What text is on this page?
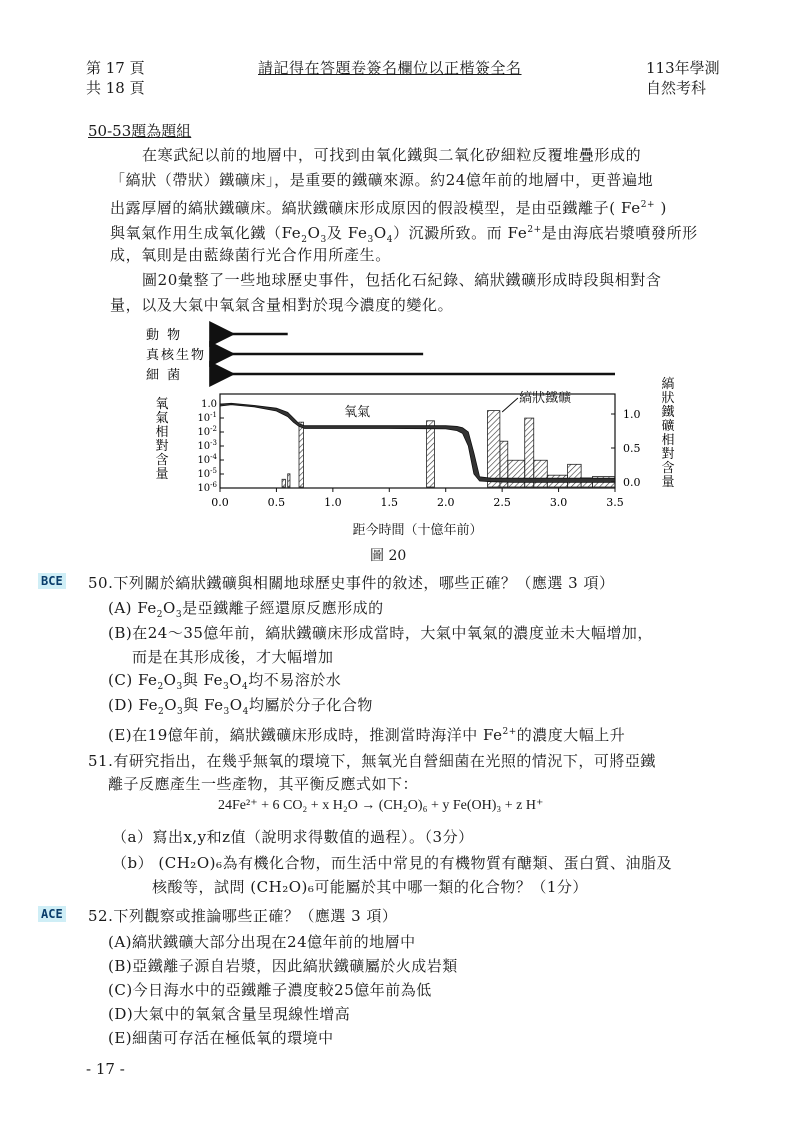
第 17 頁
共 18 頁
請記得在答題卷簽名欄位以正楷簽全名	113年學測
自然考科
50-53題為題組
在寒武紀以前的地層中，可找到由氧化鐵與二氧化矽細粒反覆堆疊形成的
「縞狀（帶狀）鐵礦床」，是重要的鐵礦來源。約24億年前的地層中，更普遍地
出露厚層的縞狀鐵礦床。縞狀鐵礦床形成原因的假設模型，是由亞鐵離子( $Fe^{2+}$ )
與氧氣作用生成氧化鐵（$Fe_2O_3$及 $Fe_3O_4$）沉澱所致。而 $Fe^{2+}$是由海底岩漿噴發所形
成，氧則是由藍綠菌行光合作用所產生。
圖20彙整了一些地球歷史事件，包括化石紀錄、縞狀鐵礦形成時段與相對含
量，以及大氣中氧氣含量相對於現今濃度的變化。
動 物
真核生物
細 菌
0.0	0.5	1.0	1.5	2.0	2.5	3.0	3.5
1.0
$10^{-1}$
$10^{-2}$
$10^{-3}$
$10^{-4}$
$10^{-5}$
$10^{-6}$
1.0
0.5
0.0
氧氣
縞狀鐵礦
氧
氣
相
對
含
量
縞
狀
鐵
礦
相
對
含
量
距今時間（十億年前）
圖 20
BCE 50.下列關於縞狀鐵礦與相關地球歷史事件的敘述，哪些正確？（應選 3 項）
(A) $Fe_2O_3$是亞鐵離子經還原反應形成的
(B)在24～35億年前，縞狀鐵礦床形成當時，大氣中氧氣的濃度並未大幅增加，
而是在其形成後，才大幅增加
(C) $Fe_2O_3$與 $Fe_3O_4$均不易溶於水
(D) $Fe_2O_3$與 $Fe_3O_4$均屬於分子化合物
(E)在19億年前，縞狀鐵礦床形成時，推測當時海洋中 $Fe^{2+}$的濃度大幅上升
51.有研究指出，在幾乎無氧的環境下，無氧光自營細菌在光照的情況下，可將亞鐵
離子反應產生一些產物，其平衡反應式如下：
24Fe²⁺ + 6 CO₂ + x H₂O → (CH₂O)₆ + y Fe(OH)₃ + z H⁺
（a）寫出x,y和z值（說明求得數值的過程）。（3分）
（b） (CH₂O)₆為有機化合物，而生活中常見的有機物質有醣類、蛋白質、油脂及
核酸等，試問 (CH₂O)₆可能屬於其中哪一類的化合物？（1分）
ACE 52.下列觀察或推論哪些正確？（應選 3 項）
(A)縞狀鐵礦大部分出現在24億年前的地層中
(B)亞鐵離子源自岩漿，因此縞狀鐵礦屬於火成岩類
(C)今日海水中的亞鐵離子濃度較25億年前為低
(D)大氣中的氧氣含量呈現線性增高
(E)細菌可存活在極低氧的環境中
- 17 -
